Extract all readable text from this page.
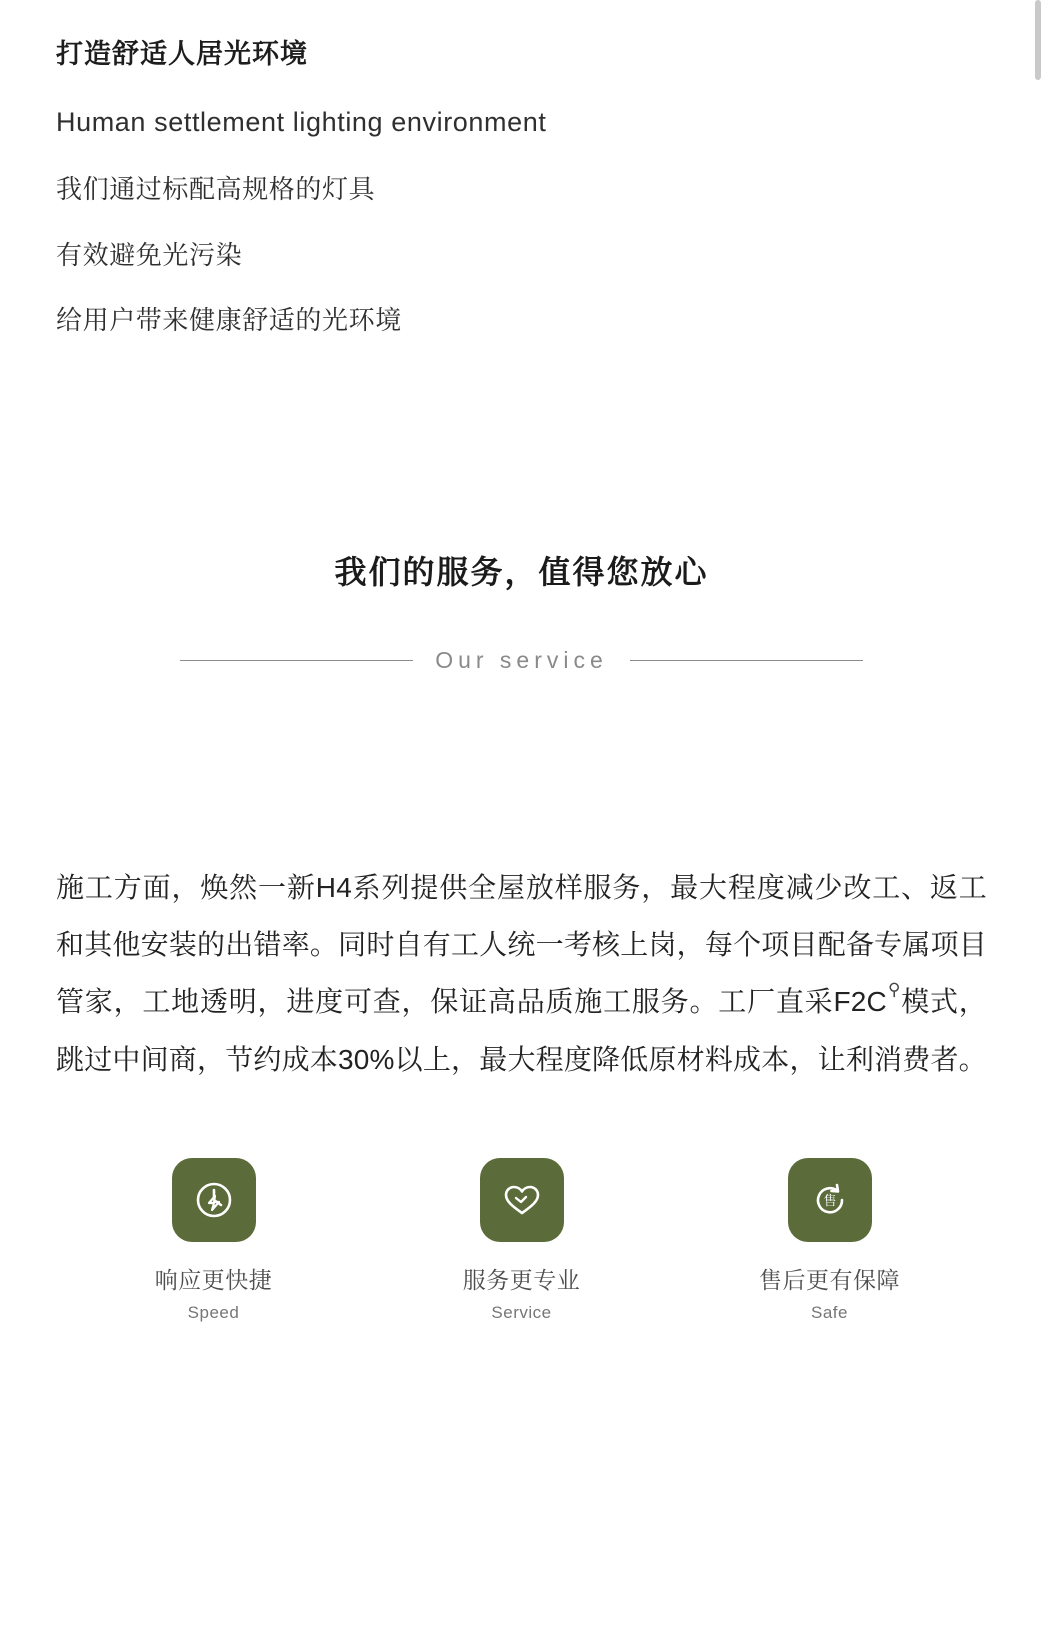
打造舒适人居光环境
Human settlement lighting environment
我们通过标配高规格的灯具
有效避免光污染
给用户带来健康舒适的光环境
我们的服务，值得您放心
Our service
施工方面，焕然一新H4系列提供全屋放样服务，最大程度减少改工、返工和其他安装的出错率。同时自有工人统一考核上岗，每个项目配备专属项目管家，工地透明，进度可查，保证高品质施工服务。工厂直采F2C⚲模式，跳过中间商，节约成本30%以上，最大程度降低原材料成本，让利消费者。
响应更快捷
Speed
服务更专业
Service
售
售后更有保障
Safe
